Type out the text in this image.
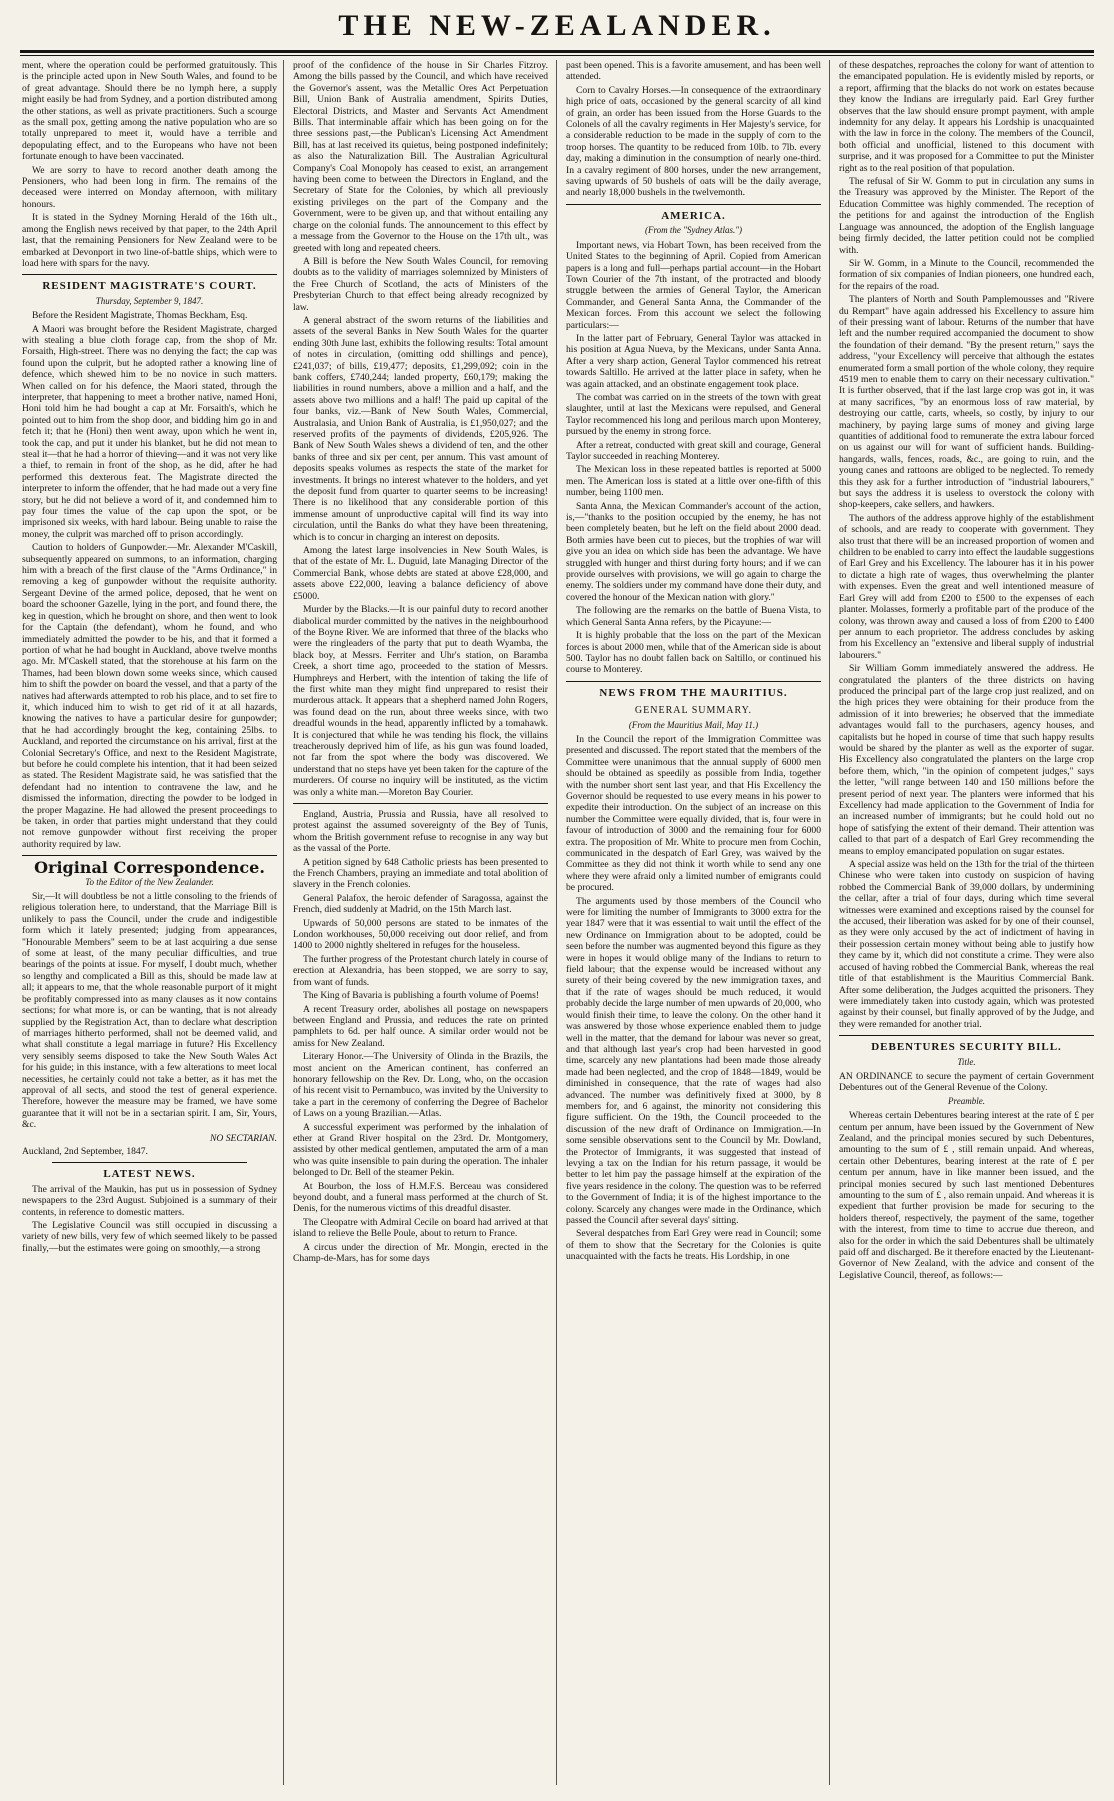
THE NEW-ZEALANDER.

ment, where the operation could be performed gratuitously. This is the principle acted upon in New South Wales, and found to be of great advantage. Should there be no lymph here, a supply might easily be had from Sydney, and a portion distributed among the other stations, as well as private practitioners. Such a scourge as the small pox, getting among the native population who are so totally unprepared to meet it, would have a terrible and depopulating effect, and to the Europeans who have not been fortunate enough to have been vaccinated.

We are sorry to have to record another death among the Pensioners, who had been long in firm. The remains of the deceased were interred on Monday afternoon, with military honours.

It is stated in the Sydney Morning Herald of the 16th ult., among the English news received by that paper, to the 24th April last, that the remaining Pensioners for New Zealand were to be embarked at Devonport in two line-of-battle ships, which were to load here with spars for the navy.

RESIDENT MAGISTRATE'S COURT.

Thursday, September 9, 1847.

Before the Resident Magistrate, Thomas Beckham, Esq.

A Maori was brought before the Resident Magistrate, charged with stealing a blue cloth forage cap, from the shop of Mr. Forsaith, High-street. There was no denying the fact; the cap was found upon the culprit, but he adopted rather a knowing line of defence, which shewed him to be no novice in such matters. When called on for his defence, the Maori stated, through the interpreter, that happening to meet a brother native, named Honi, Honi told him he had bought a cap at Mr. Forsaith's, which he pointed out to him from the shop door, and bidding him go in and fetch it; that he (Honi) then went away, upon which he went in, took the cap, and put it under his blanket, but he did not mean to steal it—that he had a horror of thieving—and it was not very like a thief, to remain in front of the shop, as he did, after he had performed this dexterous feat. The Magistrate directed the interpreter to inform the offender, that he had made out a very fine story, but he did not believe a word of it, and condemned him to pay four times the value of the cap upon the spot, or be imprisoned six weeks, with hard labour. Being unable to raise the money, the culprit was marched off to prison accordingly.

Caution to holders of Gunpowder.—Mr. Alexander M'Caskill, subsequently appeared on summons, to an information, charging him with a breach of the first clause of the "Arms Ordinance," in removing a keg of gunpowder without the requisite authority. Sergeant Devine of the armed police, deposed, that he went on board the schooner Gazelle, lying in the port, and found there, the keg in question, which he brought on shore, and then went to look for the Captain (the defendant), whom he found, and who immediately admitted the powder to be his, and that it formed a portion of what he had bought in Auckland, above twelve months ago. Mr. M'Caskell stated, that the storehouse at his farm on the Thames, had been blown down some weeks since, which caused him to shift the powder on board the vessel, and that a party of the natives had afterwards attempted to rob his place, and to set fire to it, which induced him to wish to get rid of it at all hazards, knowing the natives to have a particular desire for gunpowder; that he had accordingly brought the keg, containing 25lbs. to Auckland, and reported the circumstance on his arrival, first at the Colonial Secretary's Office, and next to the Resident Magistrate, but before he could complete his intention, that it had been seized as stated. The Resident Magistrate said, he was satisfied that the defendant had no intention to contravene the law, and he dismissed the information, directing the powder to be lodged in the proper Magazine. He had allowed the present proceedings to be taken, in order that parties might understand that they could not remove gunpowder without first receiving the proper authority required by law.

Original Correspondence.

To the Editor of the New Zealander.

Sir,—It will doubtless be not a little consoling to the friends of religious toleration here, to understand, that the Marriage Bill is unlikely to pass the Council, under the crude and indigestible form which it lately presented; judging from appearances, "Honourable Members" seem to be at last acquiring a due sense of some at least, of the many peculiar difficulties, and true bearings of the points at issue. For myself, I doubt much, whether so lengthy and complicated a Bill as this, should be made law at all; it appears to me, that the whole reasonable purport of it might be profitably compressed into as many clauses as it now contains sections; for what more is, or can be wanting, that is not already supplied by the Registration Act, than to declare what description of marriages hitherto performed, shall not be deemed valid, and what shall constitute a legal marriage in future? His Excellency very sensibly seems disposed to take the New South Wales Act for his guide; in this instance, with a few alterations to meet local necessities, he certainly could not take a better, as it has met the approval of all sects, and stood the test of general experience. Therefore, however the measure may be framed, we have some guarantee that it will not be in a sectarian spirit. I am, Sir, Yours, &c.

NO SECTARIAN.

Auckland, 2nd September, 1847.

LATEST NEWS.

The arrival of the Maukin, has put us in possession of Sydney newspapers to the 23rd August. Subjoined is a summary of their contents, in reference to domestic matters.

The Legislative Council was still occupied in discussing a variety of new bills, very few of which seemed likely to be passed finally,—but the estimates were going on smoothly,—a strong

proof of the confidence of the house in Sir Charles Fitzroy. Among the bills passed by the Council, and which have received the Governor's assent, was the Metallic Ores Act Perpetuation Bill, Union Bank of Australia amendment, Spirits Duties, Electoral Districts, and Master and Servants Act Amendment Bills. That interminable affair which has been going on for the three sessions past,—the Publican's Licensing Act Amendment Bill, has at last received its quietus, being postponed indefinitely; as also the Naturalization Bill. The Australian Agricultural Company's Coal Monopoly has ceased to exist, an arrangement having been come to between the Directors in England, and the Secretary of State for the Colonies, by which all previously existing privileges on the part of the Company and the Government, were to be given up, and that without entailing any charge on the colonial funds. The announcement to this effect by a message from the Governor to the House on the 17th ult., was greeted with long and repeated cheers.

A Bill is before the New South Wales Council, for removing doubts as to the validity of marriages solemnized by Ministers of the Free Church of Scotland, the acts of Ministers of the Presbyterian Church to that effect being already recognized by law.

A general abstract of the sworn returns of the liabilities and assets of the several Banks in New South Wales for the quarter ending 30th June last, exhibits the following results: Total amount of notes in circulation, (omitting odd shillings and pence), £241,037; of bills, £19,477; deposits, £1,299,092; coin in the bank coffers, £740,244; landed property, £60,179; making the liabilities in round numbers, above a million and a half, and the assets above two millions and a half! The paid up capital of the four banks, viz.—Bank of New South Wales, Commercial, Australasia, and Union Bank of Australia, is £1,950,027; and the reserved profits of the payments of dividends, £205,926. The Bank of New South Wales shews a dividend of ten, and the other banks of three and six per cent, per annum. This vast amount of deposits speaks volumes as respects the state of the market for investments. It brings no interest whatever to the holders, and yet the deposit fund from quarter to quarter seems to be increasing! There is no likelihood that any considerable portion of this immense amount of unproductive capital will find its way into circulation, until the Banks do what they have been threatening, which is to concur in charging an interest on deposits.

Among the latest large insolvencies in New South Wales, is that of the estate of Mr. L. Duguid, late Managing Director of the Commercial Bank, whose debts are stated at above £28,000, and assets above £22,000, leaving a balance deficiency of above £5000.

Murder by the Blacks.—It is our painful duty to record another diabolical murder committed by the natives in the neighbourhood of the Boyne River. We are informed that three of the blacks who were the ringleaders of the party that put to death Wyamba, the black boy, at Messrs. Ferriter and Uhr's station, on Baramba Creek, a short time ago, proceeded to the station of Messrs. Humphreys and Herbert, with the intention of taking the life of the first white man they might find unprepared to resist their murderous attack. It appears that a shepherd named John Rogers, was found dead on the run, about three weeks since, with two dreadful wounds in the head, apparently inflicted by a tomahawk. It is conjectured that while he was tending his flock, the villains treacherously deprived him of life, as his gun was found loaded, not far from the spot where the body was discovered. We understand that no steps have yet been taken for the capture of the murderers. Of course no inquiry will be instituted, as the victim was only a white man.—Moreton Bay Courier.

England, Austria, Prussia and Russia, have all resolved to protest against the assumed sovereignty of the Bey of Tunis, whom the British government refuse to recognise in any way but as the vassal of the Porte.

A petition signed by 648 Catholic priests has been presented to the French Chambers, praying an immediate and total abolition of slavery in the French colonies.

General Palafox, the heroic defender of Saragossa, against the French, died suddenly at Madrid, on the 15th March last.

Upwards of 50,000 persons are stated to be inmates of the London workhouses, 50,000 receiving out door relief, and from 1400 to 2000 nightly sheltered in refuges for the houseless.

The further progress of the Protestant church lately in course of erection at Alexandria, has been stopped, we are sorry to say, from want of funds.

The King of Bavaria is publishing a fourth volume of Poems!

A recent Treasury order, abolishes all postage on newspapers between England and Prussia, and reduces the rate on printed pamphlets to 6d. per half ounce. A similar order would not be amiss for New Zealand.

Literary Honor.—The University of Olinda in the Brazils, the most ancient on the American continent, has conferred an honorary fellowship on the Rev. Dr. Long, who, on the occasion of his recent visit to Pernambuco, was invited by the University to take a part in the ceremony of conferring the Degree of Bachelor of Laws on a young Brazilian.—Atlas.

A successful experiment was performed by the inhalation of ether at Grand River hospital on the 23rd. Dr. Montgomery, assisted by other medical gentlemen, amputated the arm of a man who was quite insensible to pain during the operation. The inhaler belonged to Dr. Bell of the steamer Pekin.

At Bourbon, the loss of H.M.F.S. Berceau was considered beyond doubt, and a funeral mass performed at the church of St. Denis, for the numerous victims of this dreadful disaster.

The Cleopatre with Admiral Cecile on board had arrived at that island to relieve the Belle Poule, about to return to France.

A circus under the direction of Mr. Mongin, erected in the Champ-de-Mars, has for some days

past been opened. This is a favorite amusement, and has been well attended.

Corn to Cavalry Horses.—In consequence of the extraordinary high price of oats, occasioned by the general scarcity of all kind of grain, an order has been issued from the Horse Guards to the Colonels of all the cavalry regiments in Her Majesty's service, for a considerable reduction to be made in the supply of corn to the troop horses. The quantity to be reduced from 10lb. to 7lb. every day, making a diminution in the consumption of nearly one-third. In a cavalry regiment of 800 horses, under the new arrangement, saving upwards of 50 bushels of oats will be the daily average, and nearly 18,000 bushels in the twelvemonth.

AMERICA.

(From the "Sydney Atlas.")

Important news, via Hobart Town, has been received from the United States to the beginning of April. Copied from American papers is a long and full—perhaps partial account—in the Hobart Town Courier of the 7th instant, of the protracted and bloody struggle between the armies of General Taylor, the American Commander, and General Santa Anna, the Commander of the Mexican forces. From this account we select the following particulars:—

In the latter part of February, General Taylor was attacked in his position at Agua Nueva, by the Mexicans, under Santa Anna. After a very sharp action, General Taylor commenced his retreat towards Saltillo. He arrived at the latter place in safety, when he was again attacked, and an obstinate engagement took place.

The combat was carried on in the streets of the town with great slaughter, until at last the Mexicans were repulsed, and General Taylor recommenced his long and perilous march upon Monterey, pursued by the enemy in strong force.

After a retreat, conducted with great skill and courage, General Taylor succeeded in reaching Monterey.

The Mexican loss in these repeated battles is reported at 5000 men. The American loss is stated at a little over one-fifth of this number, being 1100 men.

Santa Anna, the Mexican Commander's account of the action, is,—"thanks to the position occupied by the enemy, he has not been completely beaten, but he left on the field about 2000 dead. Both armies have been cut to pieces, but the trophies of war will give you an idea on which side has been the advantage. We have struggled with hunger and thirst during forty hours; and if we can provide ourselves with provisions, we will go again to charge the enemy. The soldiers under my command have done their duty, and covered the honour of the Mexican nation with glory."

The following are the remarks on the battle of Buena Vista, to which General Santa Anna refers, by the Picayune:—

It is highly probable that the loss on the part of the Mexican forces is about 2000 men, while that of the American side is about 500. Taylor has no doubt fallen back on Saltillo, or continued his course to Monterey.

NEWS FROM THE MAURITIUS.

GENERAL SUMMARY.

(From the Mauritius Mail, May 11.)

In the Council the report of the Immigration Committee was presented and discussed. The report stated that the members of the Committee were unanimous that the annual supply of 6000 men should be obtained as speedily as possible from India, together with the number short sent last year, and that His Excellency the Governor should be requested to use every means in his power to expedite their introduction. On the subject of an increase on this number the Committee were equally divided, that is, four were in favour of introduction of 3000 and the remaining four for 6000 extra. The proposition of Mr. White to procure men from Cochin, communicated in the despatch of Earl Grey, was waived by the Committee as they did not think it worth while to send any one where they were afraid only a limited number of emigrants could be procured.

The arguments used by those members of the Council who were for limiting the number of Immigrants to 3000 extra for the year 1847 were that it was essential to wait until the effect of the new Ordinance on Immigration about to be adopted, could be seen before the number was augmented beyond this figure as they were in hopes it would oblige many of the Indians to return to field labour; that the expense would be increased without any surety of their being covered by the new immigration taxes, and that if the rate of wages should be much reduced, it would probably decide the large number of men upwards of 20,000, who would finish their time, to leave the colony. On the other hand it was answered by those whose experience enabled them to judge well in the matter, that the demand for labour was never so great, and that although last year's crop had been harvested in good time, scarcely any new plantations had been made those already made had been neglected, and the crop of 1848—1849, would be diminished in consequence, that the rate of wages had also advanced. The number was definitively fixed at 3000, by 8 members for, and 6 against, the minority not considering this figure sufficient. On the 19th, the Council proceeded to the discussion of the new draft of Ordinance on Immigration.—In some sensible observations sent to the Council by Mr. Dowland, the Protector of Immigrants, it was suggested that instead of levying a tax on the Indian for his return passage, it would be better to let him pay the passage himself at the expiration of the five years residence in the colony. The question was to be referred to the Government of India; it is of the highest importance to the colony. Scarcely any changes were made in the Ordinance, which passed the Council after several days' sitting.

Several despatches from Earl Grey were read in Council; some of them to show that the Secretary for the Colonies is quite unacquainted with the facts he treats. His Lordship, in one

of these despatches, reproaches the colony for want of attention to the emancipated population. He is evidently misled by reports, or a report, affirming that the blacks do not work on estates because they know the Indians are irregularly paid. Earl Grey further observes that the law should ensure prompt payment, with ample indemnity for any delay. It appears his Lordship is unacquainted with the law in force in the colony. The members of the Council, both official and unofficial, listened to this document with surprise, and it was proposed for a Committee to put the Minister right as to the real position of that population.

The refusal of Sir W. Gomm to put in circulation any sums in the Treasury was approved by the Minister. The Report of the Education Committee was highly commended. The reception of the petitions for and against the introduction of the English Language was announced, the adoption of the English language being firmly decided, the latter petition could not be complied with.

Sir W. Gomm, in a Minute to the Council, recommended the formation of six companies of Indian pioneers, one hundred each, for the repairs of the road.

The planters of North and South Pamplemousses and "Rivere du Rempart" have again addressed his Excellency to assure him of their pressing want of labour. Returns of the number that have left and the number required accompanied the document to show the foundation of their demand. "By the present return," says the address, "your Excellency will perceive that although the estates enumerated form a small portion of the whole colony, they require 4519 men to enable them to carry on their necessary cultivation." It is further observed, that if the last large crop was got in, it was at many sacrifices, "by an enormous loss of raw material, by destroying our cattle, carts, wheels, so costly, by injury to our machinery, by paying large sums of money and giving large quantities of additional food to remunerate the extra labour forced on us against our will for want of sufficient hands. Building-hangards, walls, fences, roads, &c., are going to ruin, and the young canes and rattoons are obliged to be neglected. To remedy this they ask for a further introduction of "industrial labourers," but says the address it is useless to overstock the colony with shop-keepers, cake sellers, and hawkers.

The authors of the address approve highly of the establishment of schools, and are ready to cooperate with government. They also trust that there will be an increased proportion of women and children to be enabled to carry into effect the laudable suggestions of Earl Grey and his Excellency. The labourer has it in his power to dictate a high rate of wages, thus overwhelming the planter with expenses. Even the great and well intentioned measure of Earl Grey will add from £200 to £500 to the expenses of each planter. Molasses, formerly a profitable part of the produce of the colony, was thrown away and caused a loss of from £200 to £400 per annum to each proprietor. The address concludes by asking from his Excellency an "extensive and liberal supply of industrial labourers."

Sir William Gomm immediately answered the address. He congratulated the planters of the three districts on having produced the principal part of the large crop just realized, and on the high prices they were obtaining for their produce from the admission of it into breweries; he observed that the immediate advantages would fall to the purchasers, agency houses, and capitalists but he hoped in course of time that such happy results would be shared by the planter as well as the exporter of sugar. His Excellency also congratulated the planters on the large crop before them, which, "in the opinion of competent judges," says the letter, "will range between 140 and 150 millions before the present period of next year. The planters were informed that his Excellency had made application to the Government of India for an increased number of immigrants; but he could hold out no hope of satisfying the extent of their demand. Their attention was called to that part of a despatch of Earl Grey recommending the means to employ emancipated population on sugar estates.

A special assize was held on the 13th for the trial of the thirteen Chinese who were taken into custody on suspicion of having robbed the Commercial Bank of 39,000 dollars, by undermining the cellar, after a trial of four days, during which time several witnesses were examined and exceptions raised by the counsel for the accused, their liberation was asked for by one of their counsel, as they were only accused by the act of indictment of having in their possession certain money without being able to justify how they came by it, which did not constitute a crime. They were also accused of having robbed the Commercial Bank, whereas the real title of that establishment is the Mauritius Commercial Bank. After some deliberation, the Judges acquitted the prisoners. They were immediately taken into custody again, which was protested against by their counsel, but finally approved of by the Judge, and they were remanded for another trial.

DEBENTURES SECURITY BILL.

Title.

AN ORDINANCE to secure the payment of certain Government Debentures out of the General Revenue of the Colony.

Preamble.

Whereas certain Debentures bearing interest at the rate of £ per centum per annum, have been issued by the Government of New Zealand, and the principal monies secured by such Debentures, amounting to the sum of £ , still remain unpaid. And whereas, certain other Debentures, bearing interest at the rate of £ per centum per annum, have in like manner been issued, and the principal monies secured by such last mentioned Debentures amounting to the sum of £ , also remain unpaid. And whereas it is expedient that further provision be made for securing to the holders thereof, respectively, the payment of the same, together with the interest, from time to time to accrue due thereon, and also for the order in which the said Debentures shall be ultimately paid off and discharged. Be it therefore enacted by the Lieutenant-Governor of New Zealand, with the advice and consent of the Legislative Council, thereof, as follows:—
